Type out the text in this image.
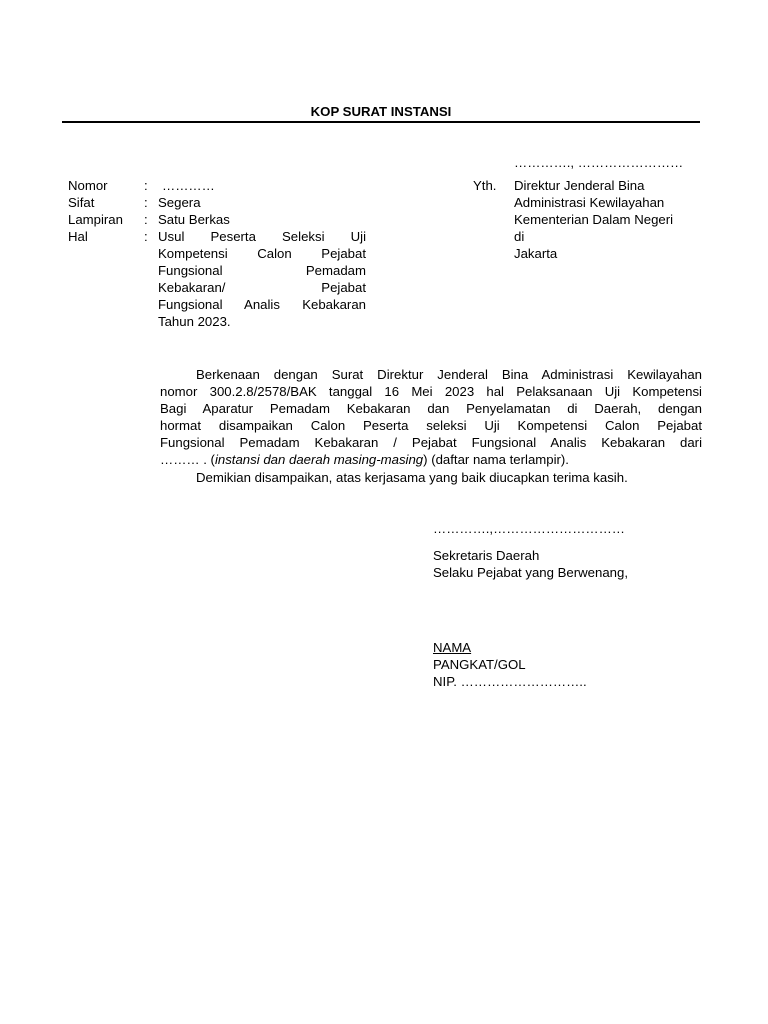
KOP SURAT INSTANSI
…………., ……………………
Nomor	:	…………
Sifat	: Segera
Lampiran	: Satu Berkas
Hal	: Usul Peserta Seleksi Uji
Kompetensi Calon Pejabat
Fungsional Pemadam
Kebakaran/ Pejabat
Fungsional Analis Kebakaran
Tahun 2023.
Yth.	Direktur Jenderal Bina
Administrasi Kewilayahan
Kementerian Dalam Negeri
di
Jakarta
Berkenaan dengan Surat Direktur Jenderal Bina Administrasi Kewilayahan
nomor 300.2.8/2578/BAK tanggal 16 Mei 2023 hal Pelaksanaan Uji Kompetensi
Bagi Aparatur Pemadam Kebakaran dan Penyelamatan di Daerah, dengan
hormat disampaikan Calon Peserta seleksi Uji Kompetensi Calon Pejabat
Fungsional Pemadam Kebakaran / Pejabat Fungsional Analis Kebakaran dari
……… . (instansi dan daerah masing-masing) (daftar nama terlampir).
Demikian disampaikan, atas kerjasama yang baik diucapkan terima kasih.
………….,…………………………
Sekretaris Daerah
Selaku Pejabat yang Berwenang,
NAMA
PANGKAT/GOL
NIP. ………………………..
